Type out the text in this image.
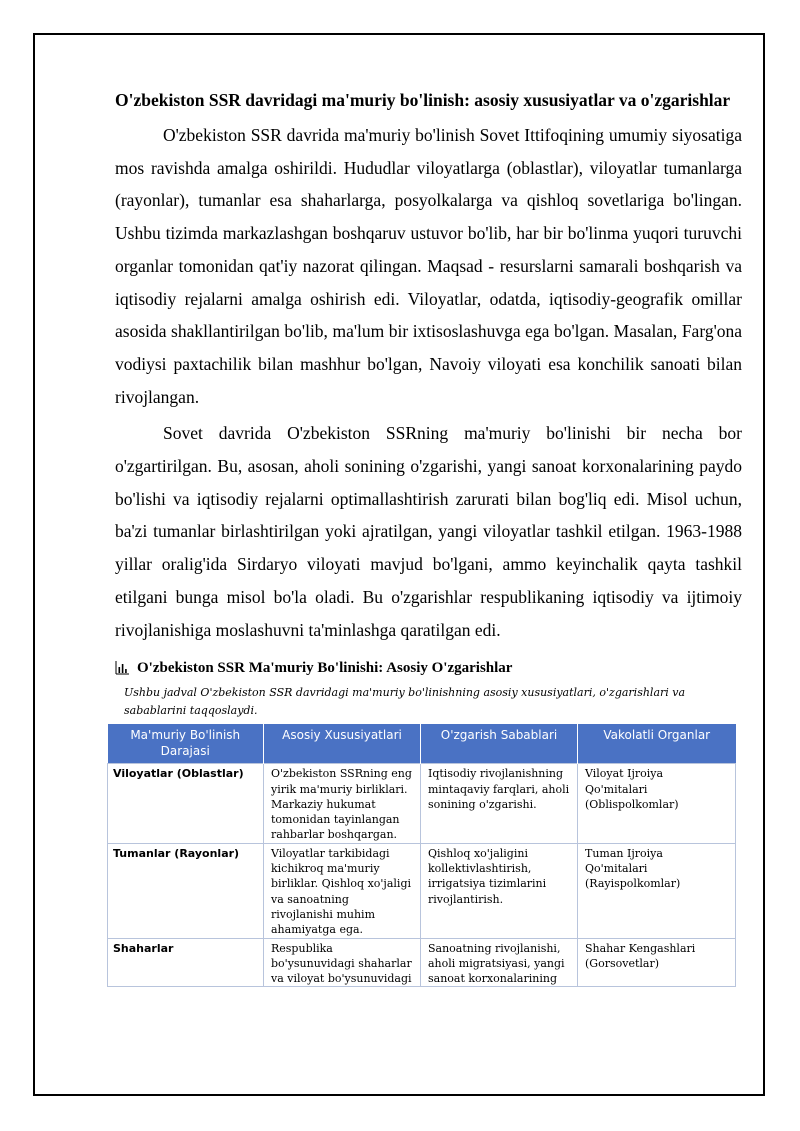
O'zbekiston SSR davridagi ma'muriy bo'linish: asosiy xususiyatlar va o'zgarishlar

O'zbekiston SSR davrida ma'muriy bo'linish Sovet Ittifoqining umumiy siyosatiga mos ravishda amalga oshirildi. Hududlar viloyatlarga (oblastlar), viloyatlar tumanlarga (rayonlar), tumanlar esa shaharlarga, posyolkalarga va qishloq sovetlariga bo'lingan. Ushbu tizimda markazlashgan boshqaruv ustuvor bo'lib, har bir bo'linma yuqori turuvchi organlar tomonidan qat'iy nazorat qilingan. Maqsad - resurslarni samarali boshqarish va iqtisodiy rejalarni amalga oshirish edi. Viloyatlar, odatda, iqtisodiy-geografik omillar asosida shakllantirilgan bo'lib, ma'lum bir ixtisoslashuvga ega bo'lgan. Masalan, Farg'ona vodiysi paxtachilik bilan mashhur bo'lgan, Navoiy viloyati esa konchilik sanoati bilan rivojlangan.

Sovet davrida O'zbekiston SSRning ma'muriy bo'linishi bir necha bor o'zgartirilgan. Bu, asosan, aholi sonining o'zgarishi, yangi sanoat korxonalarining paydo bo'lishi va iqtisodiy rejalarni optimallashtirish zarurati bilan bog'liq edi. Misol uchun, ba'zi tumanlar birlashtirilgan yoki ajratilgan, yangi viloyatlar tashkil etilgan. 1963-1988 yillar oralig'ida Sirdaryo viloyati mavjud bo'lgani, ammo keyinchalik qayta tashkil etilgani bunga misol bo'la oladi. Bu o'zgarishlar respublikaning iqtisodiy va ijtimoiy rivojlanishiga moslashuvni ta'minlashga qaratilgan edi.

O'zbekiston SSR Ma'muriy Bo'linishi: Asosiy O'zgarishlar
Ushbu jadval O'zbekiston SSR davridagi ma'muriy bo'linishning asosiy xususiyatlari, o'zgarishlari va sabablarini taqqoslaydi.
Ma'muriy Bo'linish Darajasi	Asosiy Xususiyatlari	O'zgarish Sabablari	Vakolatli Organlar
Viloyatlar (Oblastlar)	O'zbekiston SSRning eng yirik ma'muriy birliklari. Markaziy hukumat tomonidan tayinlangan rahbarlar boshqargan.	Iqtisodiy rivojlanishning mintaqaviy farqlari, aholi sonining o'zgarishi.	Viloyat Ijroiya Qo'mitalari (Oblispolkomlar)
Tumanlar (Rayonlar)	Viloyatlar tarkibidagi kichikroq ma'muriy birliklar. Qishloq xo'jaligi va sanoatning rivojlanishi muhim ahamiyatga ega.	Qishloq xo'jaligini kollektivlashtirish, irrigatsiya tizimlarini rivojlantirish.	Tuman Ijroiya Qo'mitalari (Rayispolkomlar)
Shaharlar	Respublika bo'ysunuvidagi shaharlar va viloyat bo'ysunuvidagi	Sanoatning rivojlanishi, aholi migratsiyasi, yangi sanoat korxonalarining	Shahar Kengashlari (Gorsovetlar)
